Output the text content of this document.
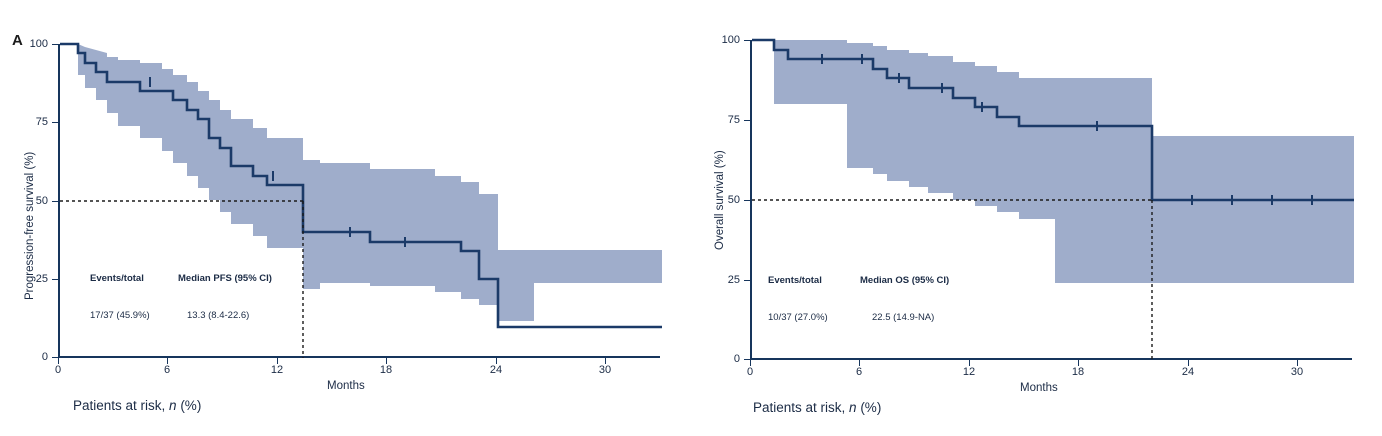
A
Progression-free survival (%)
100
75
50
25
0
0	6	12	18	24	30
Months
Events/total	Median PFS (95% CI)
17/37 (45.9%)	13.3 (8.4-22.6)
Patients at risk, n (%)
Overall survival (%)
100
75
50
25
0
0	6	12	18	24	30
Months
Events/total	Median OS (95% CI)
10/37 (27.0%)	22.5 (14.9-NA)
Patients at risk, n (%)
